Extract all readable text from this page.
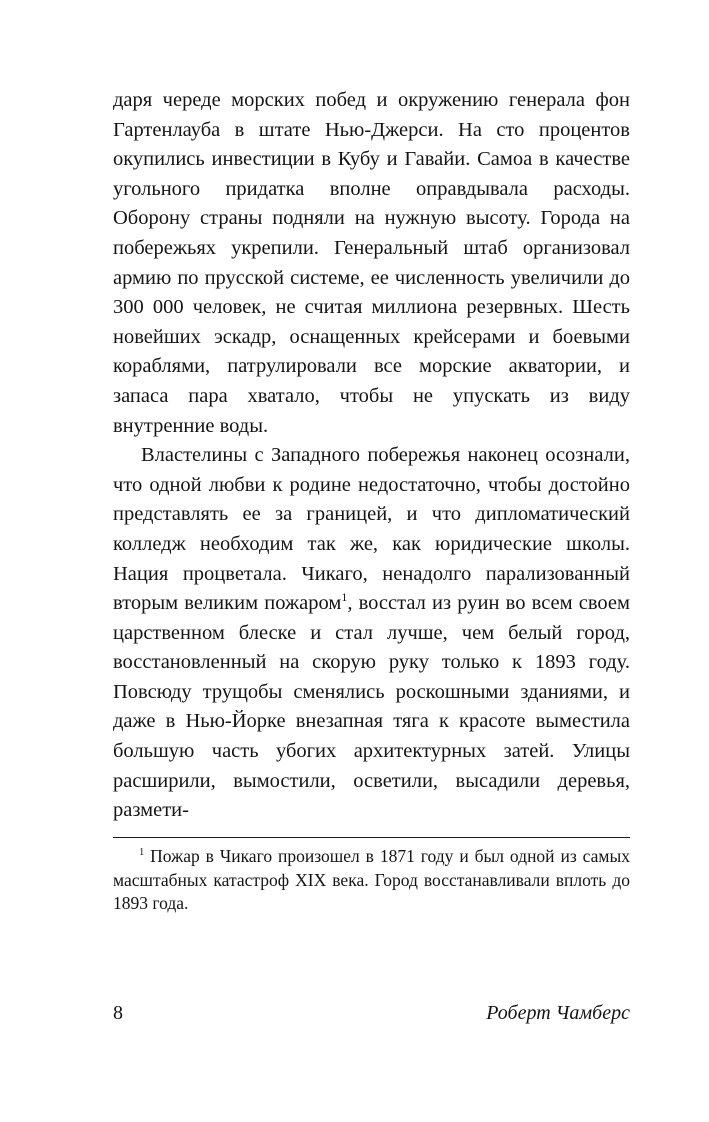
даря череде морских побед и окружению генерала фон Гартенлауба в штате Нью-Джерси. На сто процентов окупились инвестиции в Кубу и Гавайи. Самоа в качестве угольного придатка вполне оправдывала расходы. Оборону страны подняли на нужную высоту. Города на побережьях укрепили. Генеральный штаб организовал армию по прусской системе, ее численность увеличили до 300 000 человек, не считая миллиона резервных. Шесть новейших эскадр, оснащенных крейсерами и боевыми кораблями, патрулировали все морские акватории, и запаса пара хватало, чтобы не упускать из виду внутренние воды.

Властелины с Западного побережья наконец осознали, что одной любви к родине недостаточно, чтобы достойно представлять ее за границей, и что дипломатический колледж необходим так же, как юридические школы. Нация процветала. Чикаго, ненадолго парализованный вторым великим пожаром$^1$, восстал из руин во всем своем царственном блеске и стал лучше, чем белый город, восстановленный на скорую руку только к 1893 году. Повсюду трущобы сменялись роскошными зданиями, и даже в Нью-Йорке внезапная тяга к красоте выместила большую часть убогих архитектурных затей. Улицы расширили, вымостили, осветили, высадили деревья, размети-

$^1$ Пожар в Чикаго произошел в 1871 году и был одной из самых масштабных катастроф XIX века. Город восстанавливали вплоть до 1893 года.
8	Роберт Чамберс
